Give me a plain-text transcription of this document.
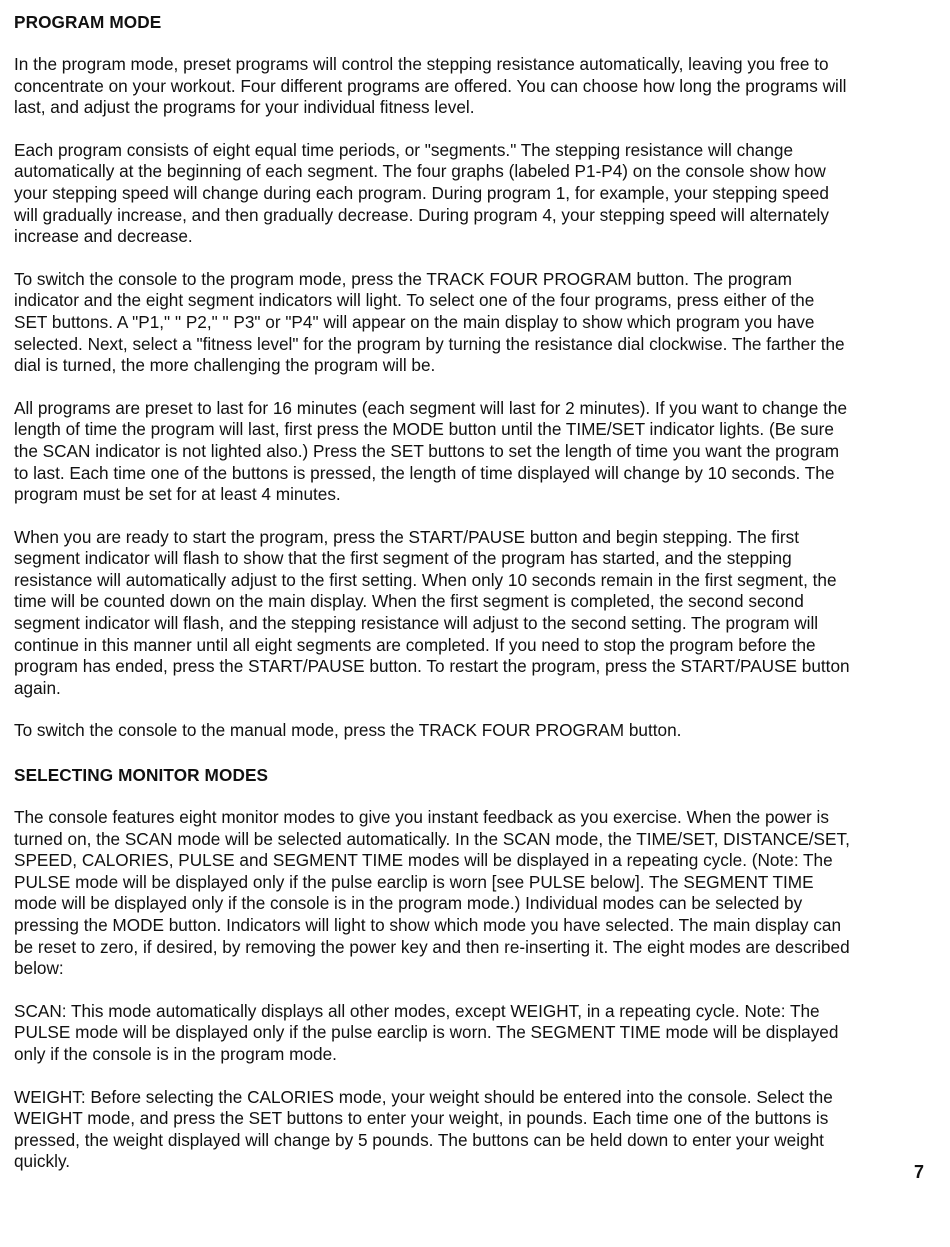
PROGRAM MODE

In the program mode, preset programs will control the stepping resistance automatically, leaving you free to concentrate on your workout. Four different programs are offered. You can choose how long the programs will last, and adjust the programs for your individual fitness level.

Each program consists of eight equal time periods, or "segments." The stepping resistance will change automatically at the beginning of each segment. The four graphs (labeled P1-P4) on the console show how your stepping speed will change during each program. During program 1, for example, your stepping speed will gradually increase, and then gradually decrease. During program 4, your stepping speed will alternately increase and decrease.

To switch the console to the program mode, press the TRACK FOUR PROGRAM button. The program indicator and the eight segment indicators will light. To select one of the four programs, press either of the SET buttons. A "P1," " P2," " P3" or "P4" will appear on the main display to show which program you have selected. Next, select a "fitness level" for the program by turning the resistance dial clockwise. The farther the dial is turned, the more challenging the program will be.

All programs are preset to last for 16 minutes (each segment will last for 2 minutes). If you want to change the length of time the program will last, first press the MODE button until the TIME/SET indicator lights. (Be sure the SCAN indicator is not lighted also.) Press the SET buttons to set the length of time you want the program to last. Each time one of the buttons is pressed, the length of time displayed will change by 10 seconds. The program must be set for at least 4 minutes.

When you are ready to start the program, press the START/PAUSE button and begin stepping. The first segment indicator will flash to show that the first segment of the program has started, and the stepping resistance will automatically adjust to the first setting. When only 10 seconds remain in the first segment, the time will be counted down on the main display. When the first segment is completed, the second second segment indicator will flash, and the stepping resistance will adjust to the second setting. The program will continue in this manner until all eight segments are completed. If you need to stop the program before the program has ended, press the START/PAUSE button. To restart the program, press the START/PAUSE button again.

To switch the console to the manual mode, press the TRACK FOUR PROGRAM button.

SELECTING MONITOR MODES

The console features eight monitor modes to give you instant feedback as you exercise. When the power is turned on, the SCAN mode will be selected automatically. In the SCAN mode, the TIME/SET, DISTANCE/SET, SPEED, CALORIES, PULSE and SEGMENT TIME modes will be displayed in a repeating cycle. (Note: The PULSE mode will be displayed only if the pulse earclip is worn [see PULSE below]. The SEGMENT TIME mode will be displayed only if the console is in the program mode.) Individual modes can be selected by pressing the MODE button. Indicators will light to show which mode you have selected. The main display can be reset to zero, if desired, by removing the power key and then re-inserting it. The eight modes are described below:

SCAN: This mode automatically displays all other modes, except WEIGHT, in a repeating cycle. Note: The PULSE mode will be displayed only if the pulse earclip is worn. The SEGMENT TIME mode will be displayed only if the console is in the program mode.

WEIGHT: Before selecting the CALORIES mode, your weight should be entered into the console. Select the WEIGHT mode, and press the SET buttons to enter your weight, in pounds. Each time one of the buttons is pressed, the weight displayed will change by 5 pounds. The buttons can be held down to enter your weight quickly.

7
